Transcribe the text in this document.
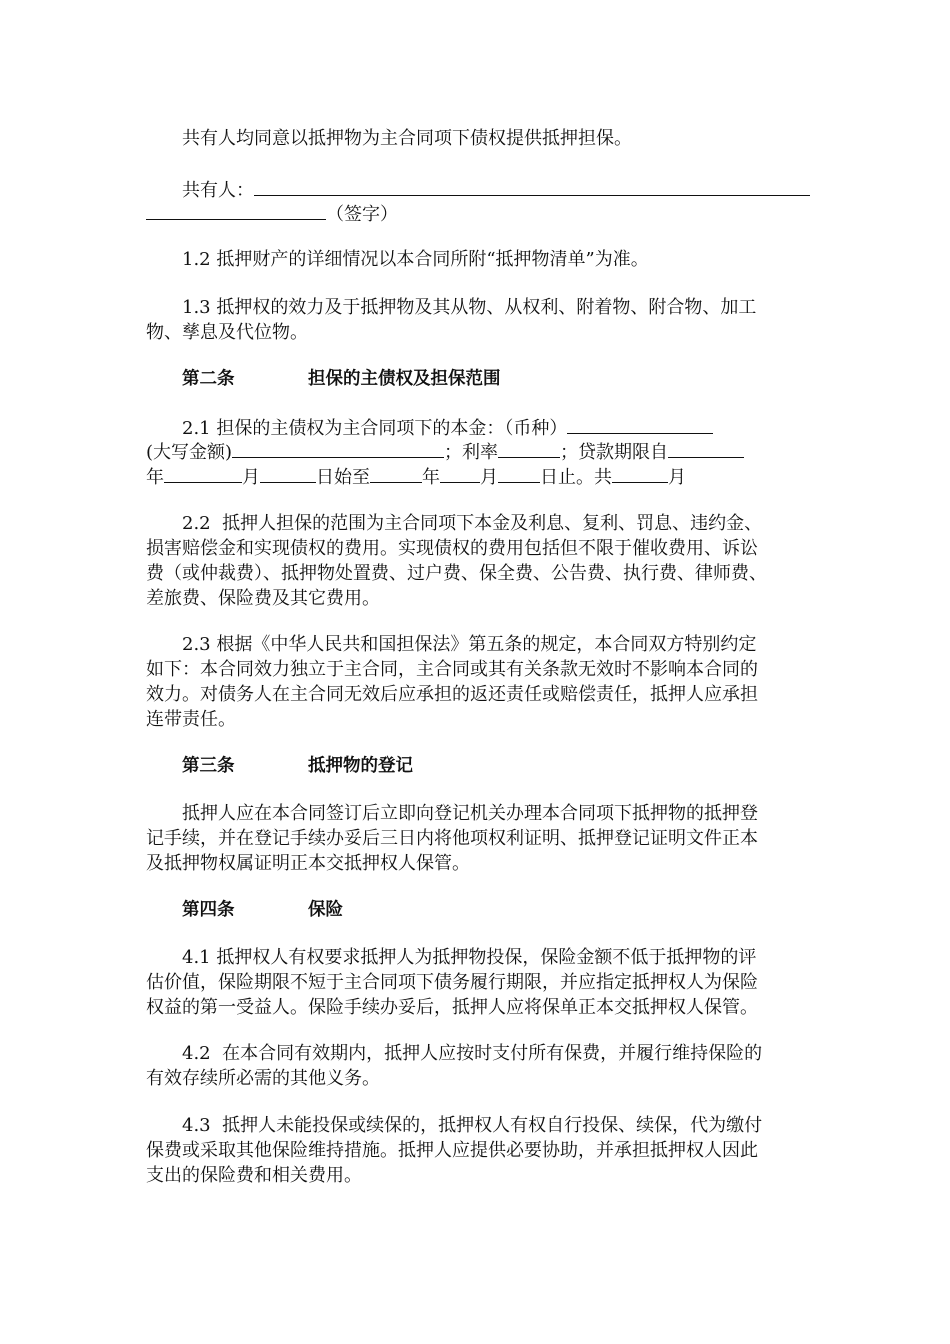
共有人均同意以抵押物为主合同项下债权提供抵押担保。
共有人：
（签字）
1.2 抵押财产的详细情况以本合同所附“抵押物清单”为准。
1.3 抵押权的效力及于抵押物及其从物、从权利、附着物、附合物、加工
物、孳息及代位物。
第二条	担保的主债权及担保范围
2.1 担保的主债权为主合同项下的本金：（币种）
(大写金额)	；利率	；贷款期限自
年	月	日始至	年 月 日止。共	月
2.2  抵押人担保的范围为主合同项下本金及利息、复利、罚息、违约金、
损害赔偿金和实现债权的费用。实现债权的费用包括但不限于催收费用、诉讼
费（或仲裁费）、抵押物处置费、过户费、保全费、公告费、执行费、律师费、
差旅费、保险费及其它费用。
2.3 根据《中华人民共和国担保法》第五条的规定，本合同双方特别约定
如下：本合同效力独立于主合同，主合同或其有关条款无效时不影响本合同的
效力。对债务人在主合同无效后应承担的返还责任或赔偿责任，抵押人应承担
连带责任。
第三条	抵押物的登记
抵押人应在本合同签订后立即向登记机关办理本合同项下抵押物的抵押登
记手续，并在登记手续办妥后三日内将他项权利证明、抵押登记证明文件正本
及抵押物权属证明正本交抵押权人保管。
第四条	保险
4.1 抵押权人有权要求抵押人为抵押物投保，保险金额不低于抵押物的评
估价值，保险期限不短于主合同项下债务履行期限，并应指定抵押权人为保险
权益的第一受益人。保险手续办妥后，抵押人应将保单正本交抵押权人保管。
4.2  在本合同有效期内，抵押人应按时支付所有保费，并履行维持保险的
有效存续所必需的其他义务。
4.3  抵押人未能投保或续保的，抵押权人有权自行投保、续保，代为缴付
保费或采取其他保险维持措施。抵押人应提供必要协助，并承担抵押权人因此
支出的保险费和相关费用。
